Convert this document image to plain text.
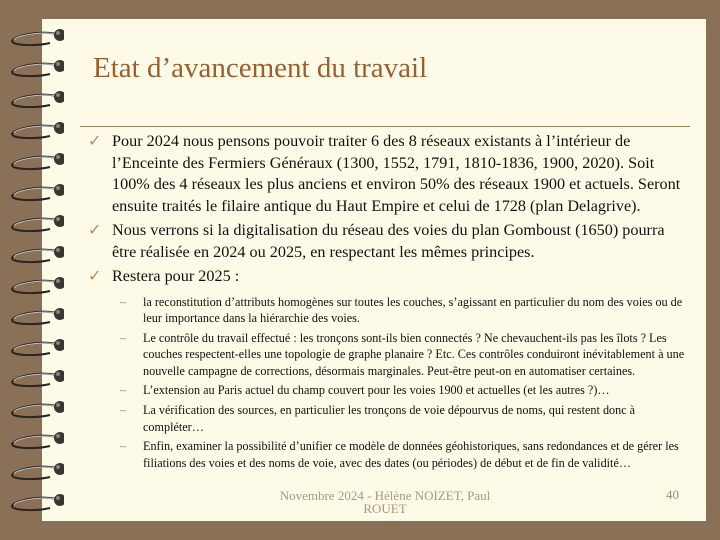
Etat d’avancement du travail
✓ Pour 2024 nous pensons pouvoir traiter 6 des 8 réseaux existants à l’intérieur de l’Enceinte des Fermiers Généraux (1300, 1552, 1791, 1810-1836, 1900, 2020). Soit 100% des 4 réseaux les plus anciens et environ 50% des réseaux 1900 et actuels. Seront ensuite traités le filaire antique du Haut Empire et celui de 1728 (plan Delagrive).
✓ Nous verrons si la digitalisation du réseau des voies du plan Gomboust (1650) pourra être réalisée en 2024 ou 2025, en respectant les mêmes principes.
✓ Restera pour 2025 :
– la reconstitution d’attributs homogènes sur toutes les couches, s’agissant en particulier du nom des voies ou de leur importance dans la hiérarchie des voies.
– Le contrôle du travail effectué : les tronçons sont-ils bien connectés ? Ne chevauchent-ils pas les îlots ? Les couches respectent-elles une topologie de graphe planaire ? Etc. Ces contrôles conduiront inévitablement à une nouvelle campagne de corrections, désormais marginales. Peut-être peut-on en automatiser certaines.
– L’extension au Paris actuel du champ couvert pour les voies 1900 et actuelles (et les autres ?)…
– La vérification des sources, en particulier les tronçons de voie dépourvus de noms, qui restent donc à compléter…
– Enfin, examiner la possibilité d’unifier ce modèle de données géohistoriques, sans redondances et de gérer les filiations des voies et des noms de voie, avec des dates (ou périodes) de début et de fin de validité…
Novembre 2024 - Hélène NOIZET, Paul ROUET
40
